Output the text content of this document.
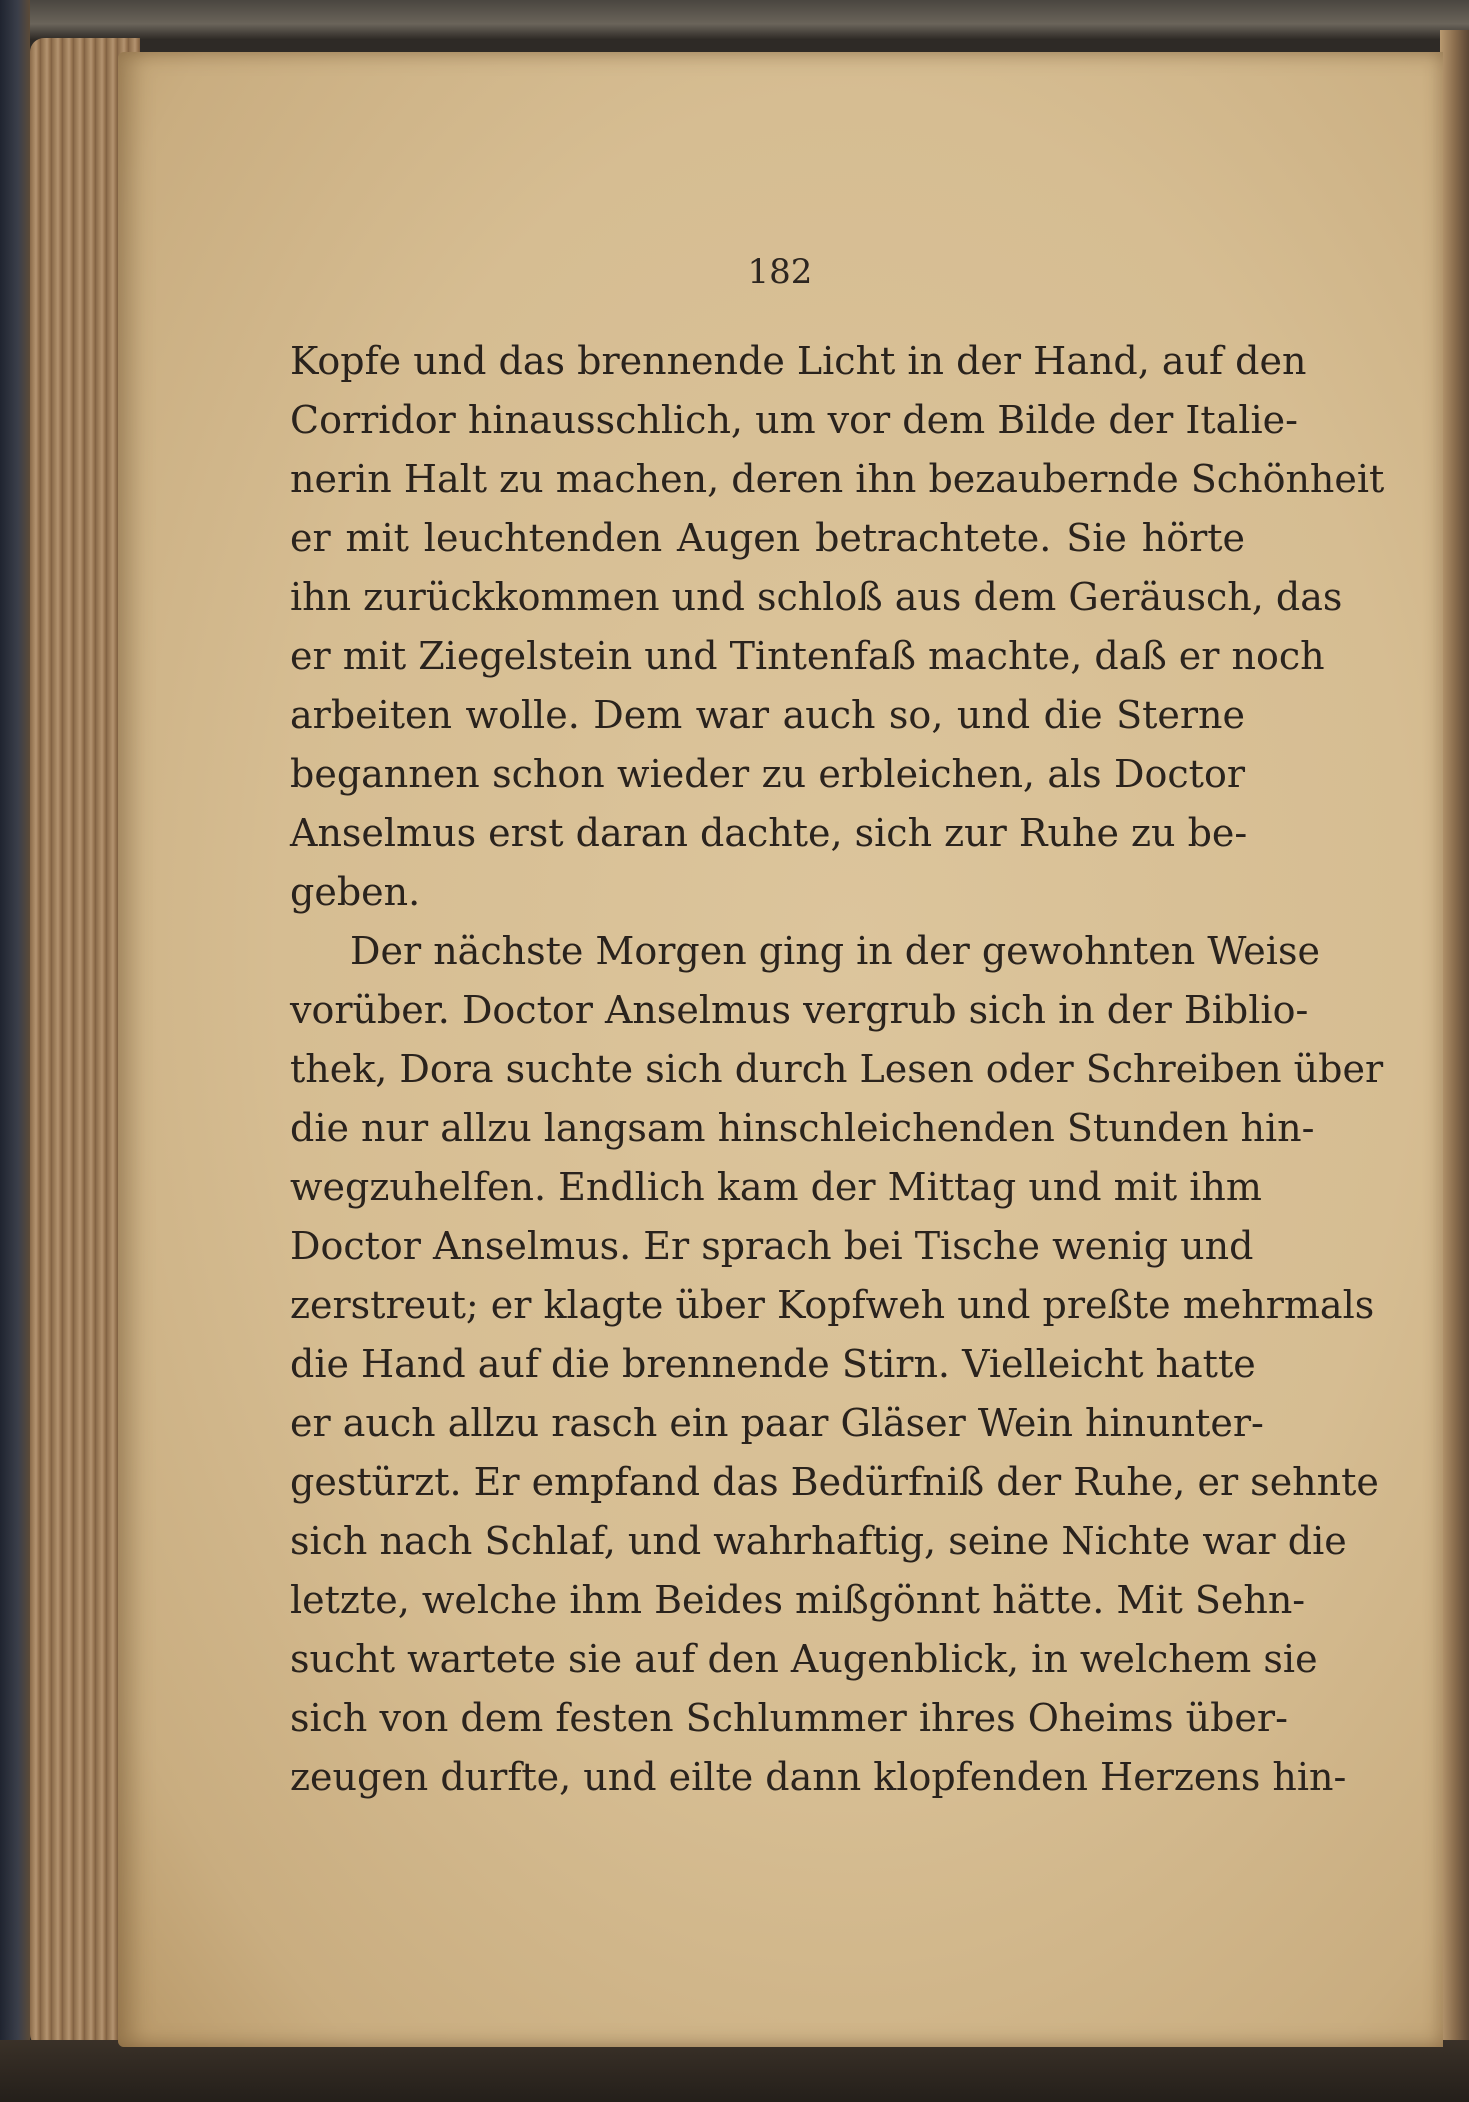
182
Kopfe und das brennende Licht in der Hand, auf den
Corridor hinausschlich, um vor dem Bilde der Italie-
nerin Halt zu machen, deren ihn bezaubernde Schönheit
er mit leuchtenden Augen betrachtete. Sie hörte
ihn zurückkommen und schloß aus dem Geräusch, das
er mit Ziegelstein und Tintenfaß machte, daß er noch
arbeiten wolle. Dem war auch so, und die Sterne
begannen schon wieder zu erbleichen, als Doctor
Anselmus erst daran dachte, sich zur Ruhe zu be-
geben.
Der nächste Morgen ging in der gewohnten Weise
vorüber. Doctor Anselmus vergrub sich in der Biblio-
thek, Dora suchte sich durch Lesen oder Schreiben über
die nur allzu langsam hinschleichenden Stunden hin-
wegzuhelfen. Endlich kam der Mittag und mit ihm
Doctor Anselmus. Er sprach bei Tische wenig und
zerstreut; er klagte über Kopfweh und preßte mehrmals
die Hand auf die brennende Stirn. Vielleicht hatte
er auch allzu rasch ein paar Gläser Wein hinunter-
gestürzt. Er empfand das Bedürfniß der Ruhe, er sehnte
sich nach Schlaf, und wahrhaftig, seine Nichte war die
letzte, welche ihm Beides mißgönnt hätte. Mit Sehn-
sucht wartete sie auf den Augenblick, in welchem sie
sich von dem festen Schlummer ihres Oheims über-
zeugen durfte, und eilte dann klopfenden Herzens hin-
